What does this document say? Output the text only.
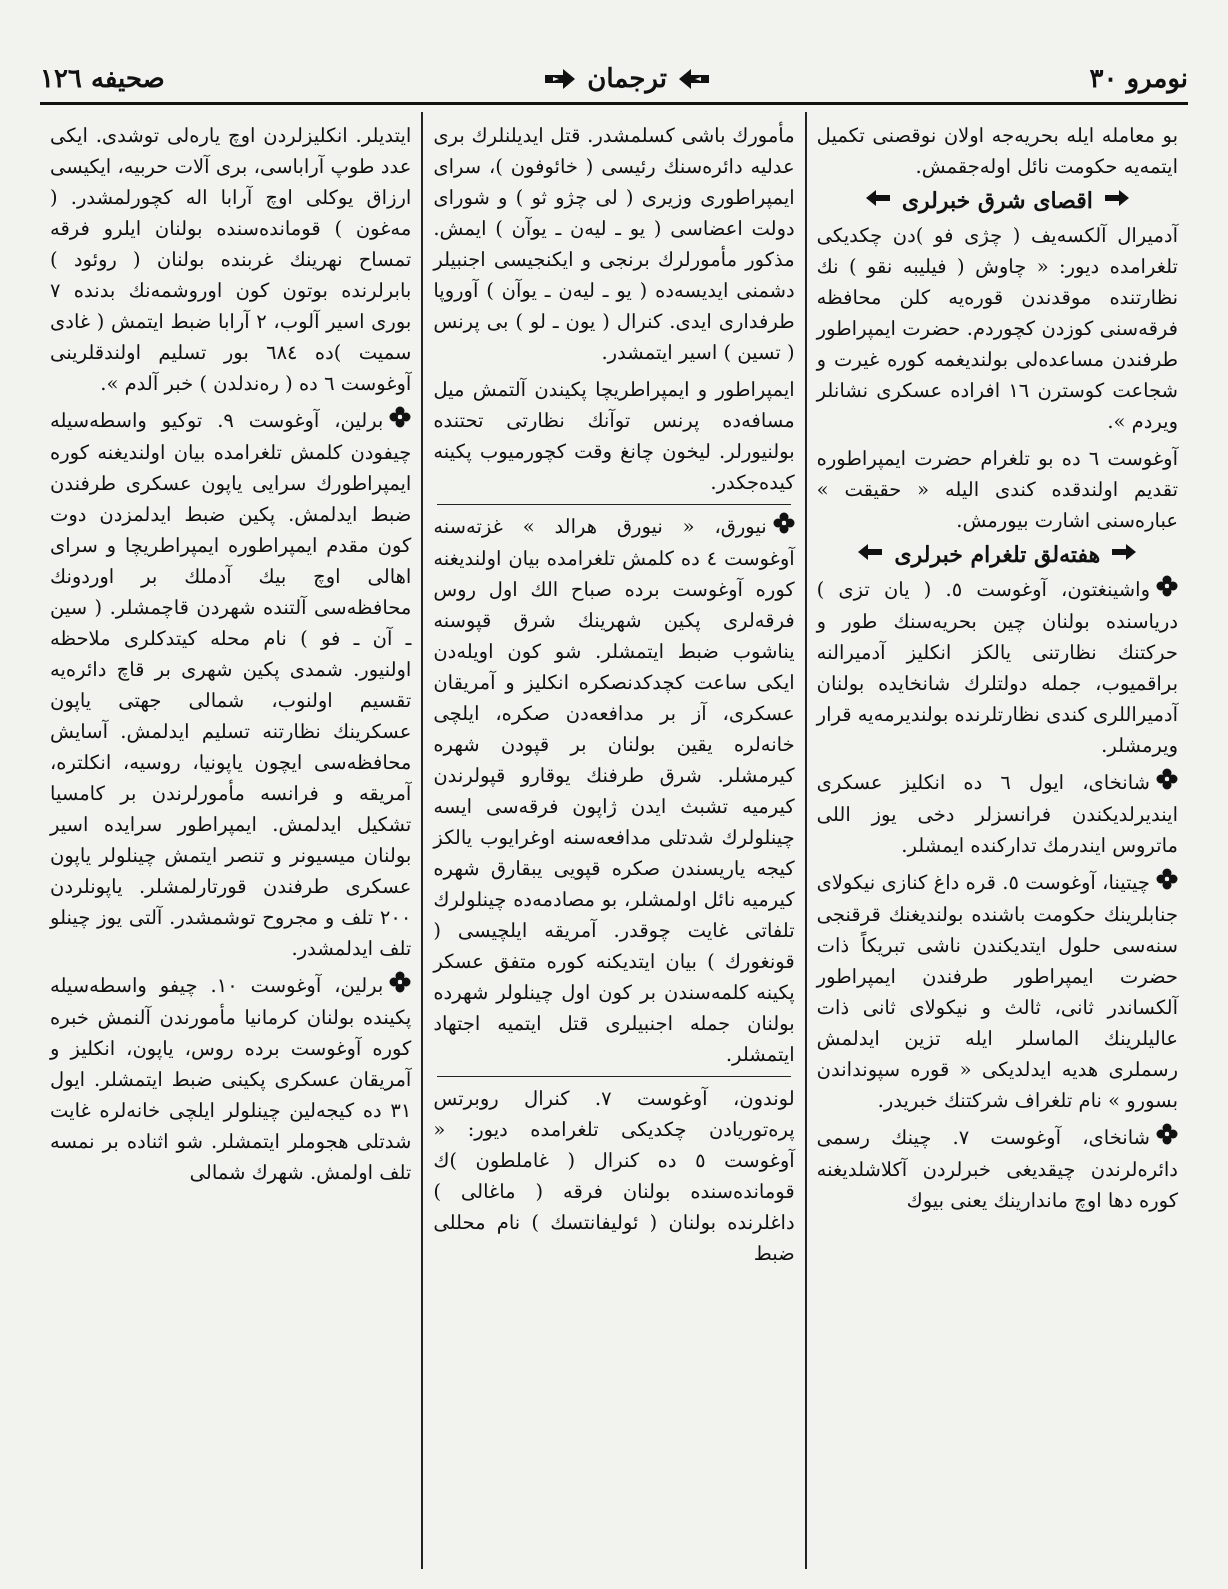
نومرو ٣٠
ترجمان
صحیفه ١٢٦

بو معامله ایله بحریه‌جه اولان نوقصنی تکمیل ایتمه‌یه حکومت نائل اوله‌جقمش.

اقصای شرق خبرلری

آدمیرال آلکسه‌یف ( چژی فو )دن چکدیکی تلغرامده دیور: « چاوش ( فیلیبه نقو ) نك نظارتنده موقدندن قوره‌یه کلن محافظه فرقه‌سنی کوزدن کچوردم. حضرت ایمپراطور طرفندن مساعده‌لی بولندیغمه کوره غیرت و شجاعت کوسترن ١٦ افراده عسکری نشانلر ویردم ».

آوغوست ٦ ده بو تلغرام حضرت ایمپراطوره تقدیم اولندقده کندی الیله « حقیقت » عبارەسنی اشارت بیورمش.

هفته‌لق تلغرام خبرلری

واشینغتون، آوغوست ٥. ( یان تزی ) دریاسنده بولنان چین بحریه‌سنك طور و حرکتنك نظارتنی یالکز انکلیز آدمیرالنه براقمیوب، جمله دولتلرك شانخایده بولنان آدمیراللری کندی نظارتلرنده بولندیرمه‌یه قرار ویرمشلر.

شانخای، ایول ٦ ده انکلیز عسکری ایندیرلدیکندن فرانسزلر دخی یوز اللی ماتروس ایندرمك تدارکنده ایمشلر.

چیتینا، آوغوست ٥. قره داغ کنازی نیکولای جنابلرینك حکومت باشنده بولندیغنك قرقنجی سنه‌سی حلول ایتدیکندن ناشی تبریکاً ذات حضرت ایمپراطور طرفندن ایمپراطور آلکساندر ثانی، ثالث و نیکولای ثانی ذات عالیلرینك الماسلر ایله تزین ایدلمش رسملری هدیه ایدلدیکی « قوره سپونداندن بسورو » نام تلغراف شرکتنك خبریدر.

شانخای، آوغوست ٧. چینك رسمی دائره‌لرندن چیقدیغی خبرلردن آکلاشلدیغنه کوره دها اوچ ماندارینك یعنی بیوك

مأمورك باشی کسلمشدر. قتل ایدیلنلرك بری عدلیه دائره‌سنك رئیسی ( خائوفون )، سرای ایمپراطوری وزیری ( لی چژو ثو ) و شورای دولت اعضاسی ( یو ـ لیه‌ن ـ یوآن ) ایمش. مذکور مأمورلرك برنجی و ایکنجیسی اجنبیلر دشمنی ایدیسه‌ده ( یو ـ لیه‌ن ـ یوآن ) آوروپا طرفداری ایدی. کنرال ( یون ـ لو ) بی پرنس ( تسین ) اسیر ایتمشدر.

ایمپراطور و ایمپراطریچا پکیندن آلتمش میل مسافه‌ده پرنس توآنك نظارتی تحتنده بولنیورلر. لیخون چانغ وقت کچورمیوب پکینه کیده‌جکدر.

نیورق، « نیورق هرالد » غزته‌سنه آوغوست ٤ ده کلمش تلغرامده بیان اولندیغنه کوره آوغوست برده صباح الك اول روس فرقه‌لری پکین شهرینك شرق قپوسنه یناشوب ضبط ایتمشلر. شو کون اویله‌دن ایکی ساعت کچدکدنصکره انکلیز و آمریقان عسکری، آز بر مدافعه‌دن صکره، ایلچی خانه‌لره یقین بولنان بر قپودن شهره کیرمشلر. شرق طرفنك یوقارو قپولرندن کیرمیه تشبث ایدن ژاپون فرقه‌سی ایسه چینلولرك شدتلی مدافعه‌سنه اوغرایوب یالکز کیجه یاریسندن صکره قپویی یبقارق شهره کیرمیه نائل اولمشلر، بو مصادمه‌ده چینلولرك تلفاتی غایت چوقدر. آمریقه ایلچیسی ( قونغورك ) بیان ایتدیکنه کوره متفق عسکر پکینه کلمه‌سندن بر کون اول چینلولر شهرده بولنان جمله اجنبیلری قتل ایتمیه اجتهاد ایتمشلر.

لوندون، آوغوست ٧. کنرال روبرتس پره‌توریادن چکدیکی تلغرامده دیور: « آوغوست ٥ ده کنرال ( غاملطون )ك قوماندەسنده بولنان فرقه ( ماغالی ) داغلرنده بولنان ( ئولیفانتسك ) نام محللی ضبط

ایتدیلر. انکلیزلردن اوچ یاره‌لی توشدی. ایکی عدد طوپ آراباسی، بری آلات حربیه، ایکیسی ارزاق یوکلی اوچ آرابا اله کچورلمشدر. ( مه‌غون ) قوماندەسنده بولنان ایلرو فرقه تمساح نهرینك غربنده بولنان ( روئود ) بابرلرنده بوتون کون اوروشمه‌نك بدنده ٧ بوری اسیر آلوب، ٢ آرابا ضبط ایتمش ( غادی سمیت )ده ٦٨٤ بور تسلیم اولندقلرینی آوغوست ٦ ده ( ره‌ندلدن ) خبر آلدم ».

برلین، آوغوست ٩. توکیو واسطه‌سیله چیفودن کلمش تلغرامده بیان اولندیغنه کوره ایمپراطورك سرایی یاپون عسکری طرفندن ضبط ایدلمش. پکین ضبط ایدلمزدن دوت کون مقدم ایمپراطوره ایمپراطریچا و سرای اهالی اوچ بیك آدملك بر اوردونك محافظه‌سی آلتنده شهردن قاچمشلر. ( سین ـ آن ـ فو ) نام محله کیتدکلری ملاحظه اولنیور. شمدی پکین شهری بر قاچ دائره‌یه تقسیم اولنوب، شمالی جهتی یاپون عسکرینك نظارتنه تسلیم ایدلمش. آسایش محافظه‌سی ایچون یاپونیا، روسیه، انکلترە، آمریقه و فرانسه مأمورلرندن بر کامسیا تشکیل ایدلمش. ایمپراطور سرایده اسیر بولنان میسیونر و تنصر ایتمش چینلولر یاپون عسکری طرفندن قورتارلمشلر. یاپونلردن ٢٠٠ تلف و مجروح توشمشدر. آلتی یوز چینلو تلف ایدلمشدر.

برلین، آوغوست ١٠. چیفو واسطه‌سیله پکینده بولنان کرمانیا مأمورندن آلنمش خبره کوره آوغوست برده روس، یاپون، انکلیز و آمریقان عسکری پکینی ضبط ایتمشلر. ایول ٣١ ده کیجه‌لین چینلولر ایلچی خانه‌لره غایت شدتلی هجوملر ایتمشلر. شو اثناده بر نمسه تلف اولمش. شهرك شمالی
